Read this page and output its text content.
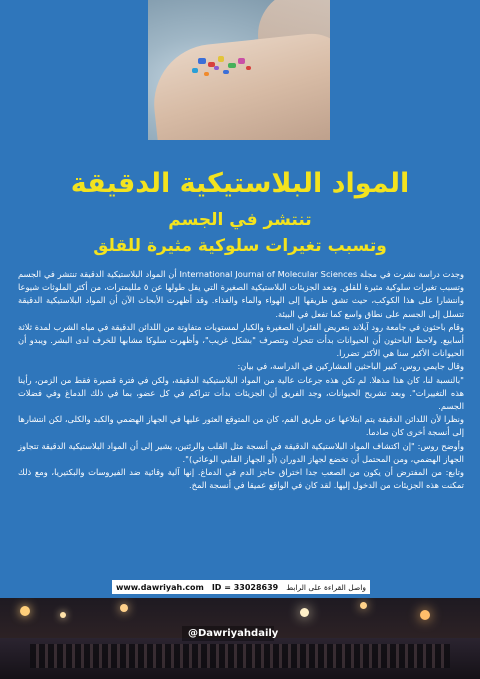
المواد البلاستيكية الدقيقة
تنتشر في الجسم
وتسبب تغيرات سلوكية مثيرة للقلق

وجدت دراسة نشرت في مجلة International Journal of Molecular Sciences أن المواد البلاستيكية الدقيقة تنتشر في الجسم وتسبب تغيرات سلوكية مثيرة للقلق. وتعد الجزيئات البلاستيكية الصغيرة التي يقل طولها عن ٥ ملليمترات، من أكثر الملوثات شيوعا وانتشارا على هذا الكوكب، حيث تشق طريقها إلى الهواء والماء والغذاء. وقد أظهرت الأبحاث الآن أن المواد البلاستيكية الدقيقة تتسلل إلى الجسم على نطاق واسع كما تفعل في البيئة.

وقام باحثون في جامعة رود آيلاند بتعريض الفئران الصغيرة والكبار لمستويات متفاوتة من اللدائن الدقيقة في مياه الشرب لمدة ثلاثة أسابيع. ولاحظ الباحثون أن الحيوانات بدأت تتحرك وتتصرف "بشكل غريب"، وأظهرت سلوكا مشابها للخرف لدى البشر. ويبدو أن الحيوانات الأكبر سنا هي الأكثر تضررا.

وقال جايمي روس، كبير الباحثين المشاركين في الدراسة، في بيان:

"بالنسبة لنا، كان هذا مذهلا. لم تكن هذه جرعات عالية من المواد البلاستيكية الدقيقة، ولكن في فترة قصيرة فقط من الزمن، رأينا هذه التغييرات". وبعد تشريح الحيوانات، وجد الفريق أن الجزيئات بدأت تتراكم في كل عضو، بما في ذلك الدماغ وفي فضلات الجسم.

ونظرا لأن اللدائن الدقيقة يتم ابتلاعها عن طريق الفم، كان من المتوقع العثور عليها في الجهاز الهضمي والكبد والكلى، لكن انتشارها إلى أنسجة أخرى كان صادما.

وأوضح روس: "إن اكتشاف المواد البلاستيكية الدقيقة في أنسجة مثل القلب والرئتين، يشير إلى أن المواد البلاستيكية الدقيقة تتجاوز الجهاز الهضمي، ومن المحتمل أن تخضع لجهاز الدوران (أو الجهاز القلبي الوعائي)".

وتابع: من المفترض أن يكون من الصعب جدا اختراق حاجز الدم في الدماغ. إنها آلية وقائية ضد الفيروسات والبكتيريا، ومع ذلك تمكنت هذه الجزيئات من الدخول إليها. لقد كان في الواقع عميقا في أنسجة المخ.

www.dawriyah.com ID = 33028639 واصل القراءة على الرابط
@Dawriyahdaily
